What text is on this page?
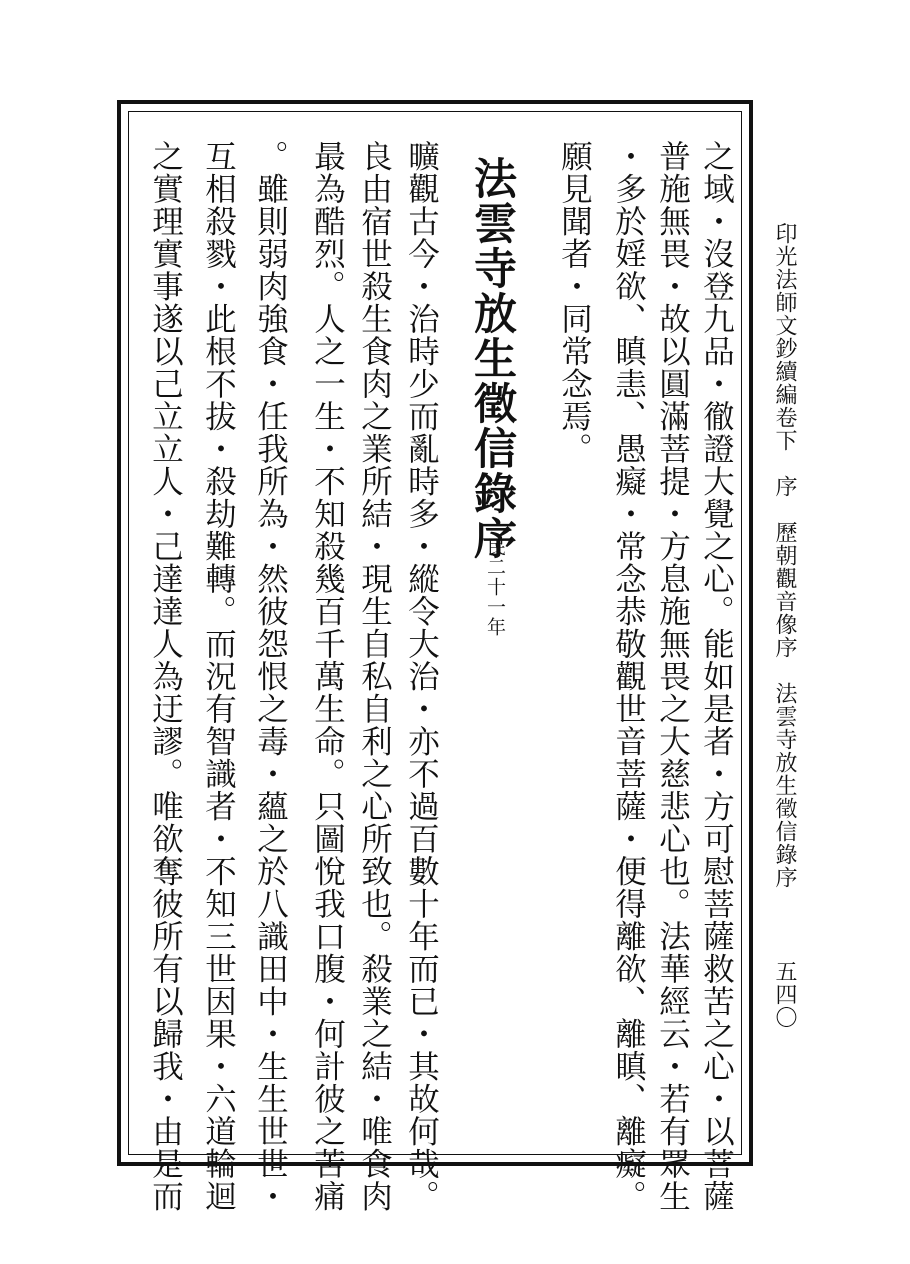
印光法師文鈔續編卷下　序　歷朝觀音像序　法雲寺放生徵信錄序
五四〇
之域・沒登九品・徹證大覺之心。能如是者・方可慰菩薩救苦之心・以菩薩
普施無畏・故以圓滿菩提・方息施無畏之大慈悲心也。法華經云・若有眾生
・多於婬欲、瞋恚、愚癡・常念恭敬觀世音菩薩・便得離欲、離瞋、離癡。
願見聞者・同常念焉。
法雲寺放生徵信錄序
民二十一年
曠觀古今・治時少而亂時多・縱令大治・亦不過百數十年而已・其故何哉。
良由宿世殺生食肉之業所結・現生自私自利之心所致也。殺業之結・唯食肉
最為酷烈。人之一生・不知殺幾百千萬生命。只圖悅我口腹・何計彼之苦痛
。雖則弱肉強食・任我所為・然彼怨恨之毒・蘊之於八識田中・生生世世・
互相殺戮・此根不拔・殺劫難轉。而況有智識者・不知三世因果・六道輪迴
之實理實事遂以己立立人・己達達人為迂謬。唯欲奪彼所有以歸我・由是而
